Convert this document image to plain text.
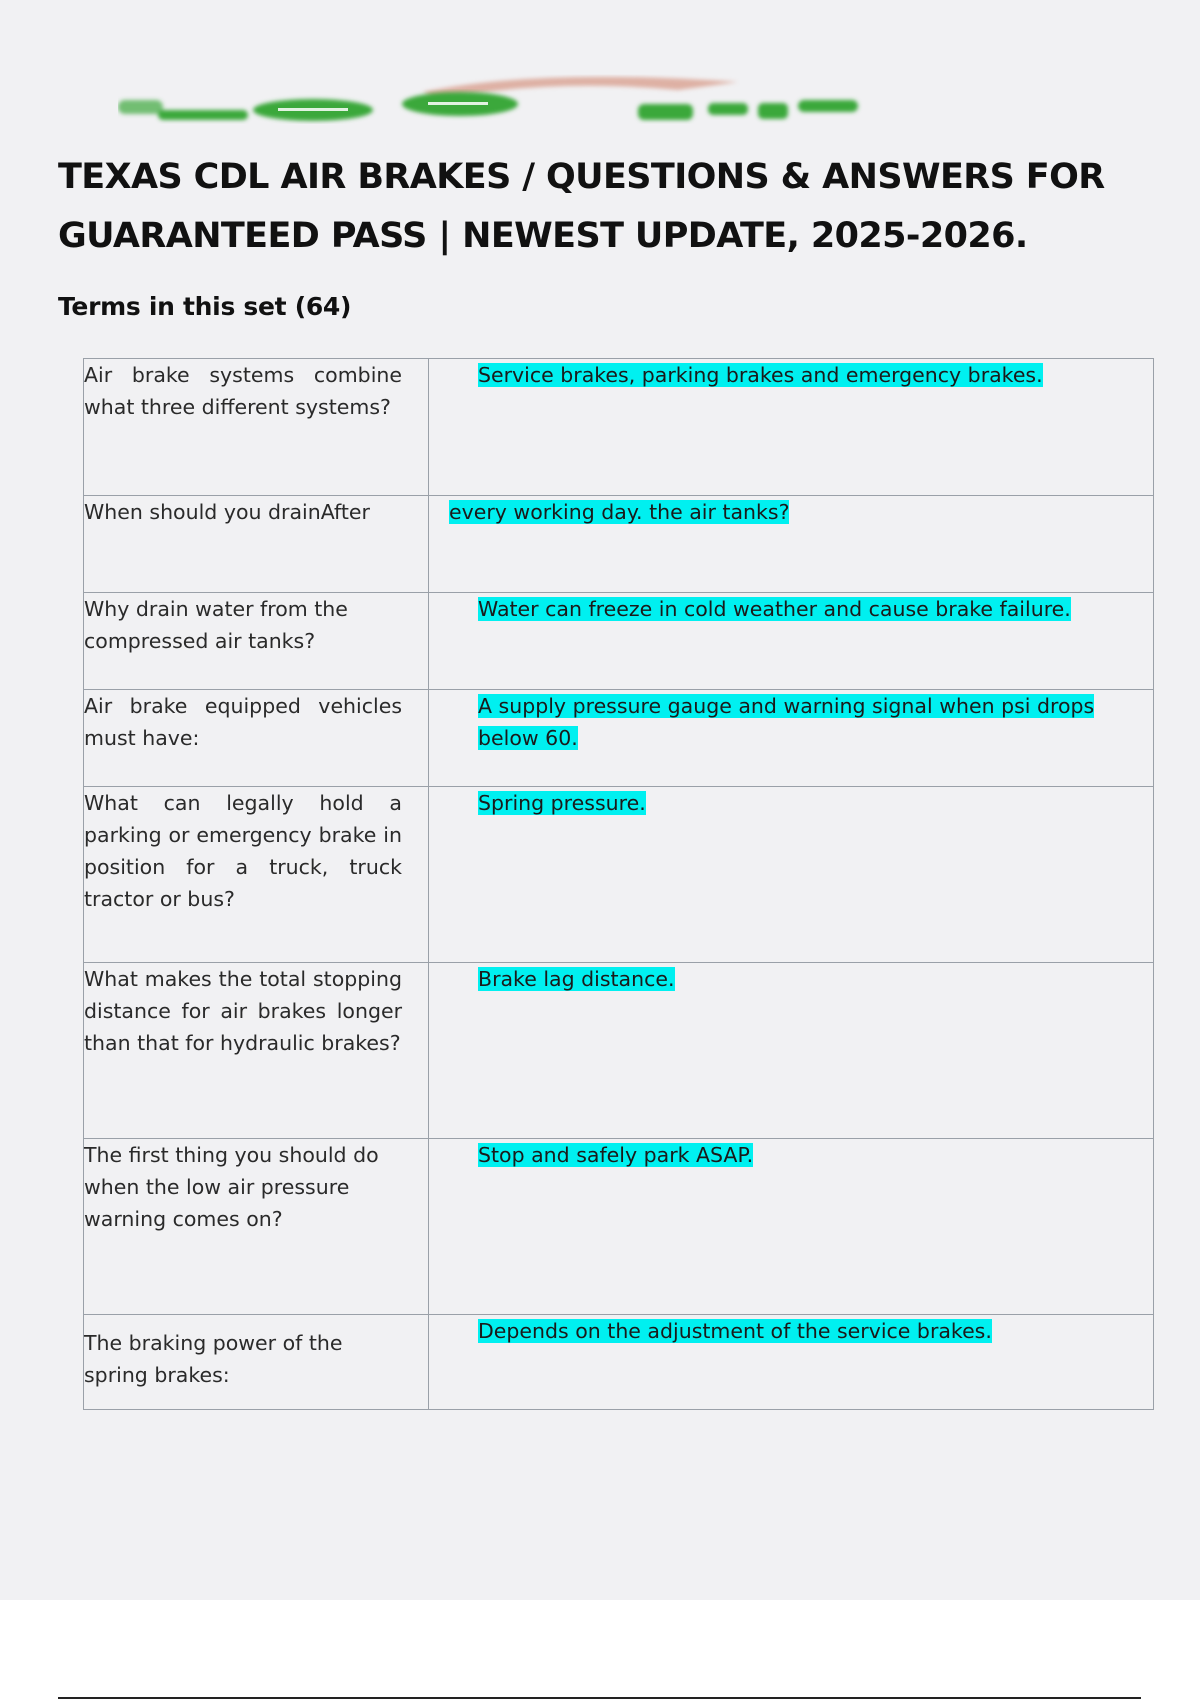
TEXAS CDL AIR BRAKES / QUESTIONS & ANSWERS FOR
GUARANTEED PASS | NEWEST UPDATE, 2025-2026.
Terms in this set (64)
Air brake systems combine what three different systems?	Service brakes, parking brakes and emergency brakes.

When should you drainAfter	every working day. the air tanks?

Why drain water from the compressed air tanks?	Water can freeze in cold weather and cause brake failure.

Air brake equipped vehicles must have:	A supply pressure gauge and warning signal when psi drops below 60.

What can legally hold a parking or emergency brake in position for a truck, truck tractor or bus?	Spring pressure.

What makes the total stopping distance for air brakes longer than that for hydraulic brakes?	Brake lag distance.

The first thing you should do when the low air pressure warning comes on?	Stop and safely park ASAP.

The braking power of the spring brakes:	Depends on the adjustment of the service brakes.
